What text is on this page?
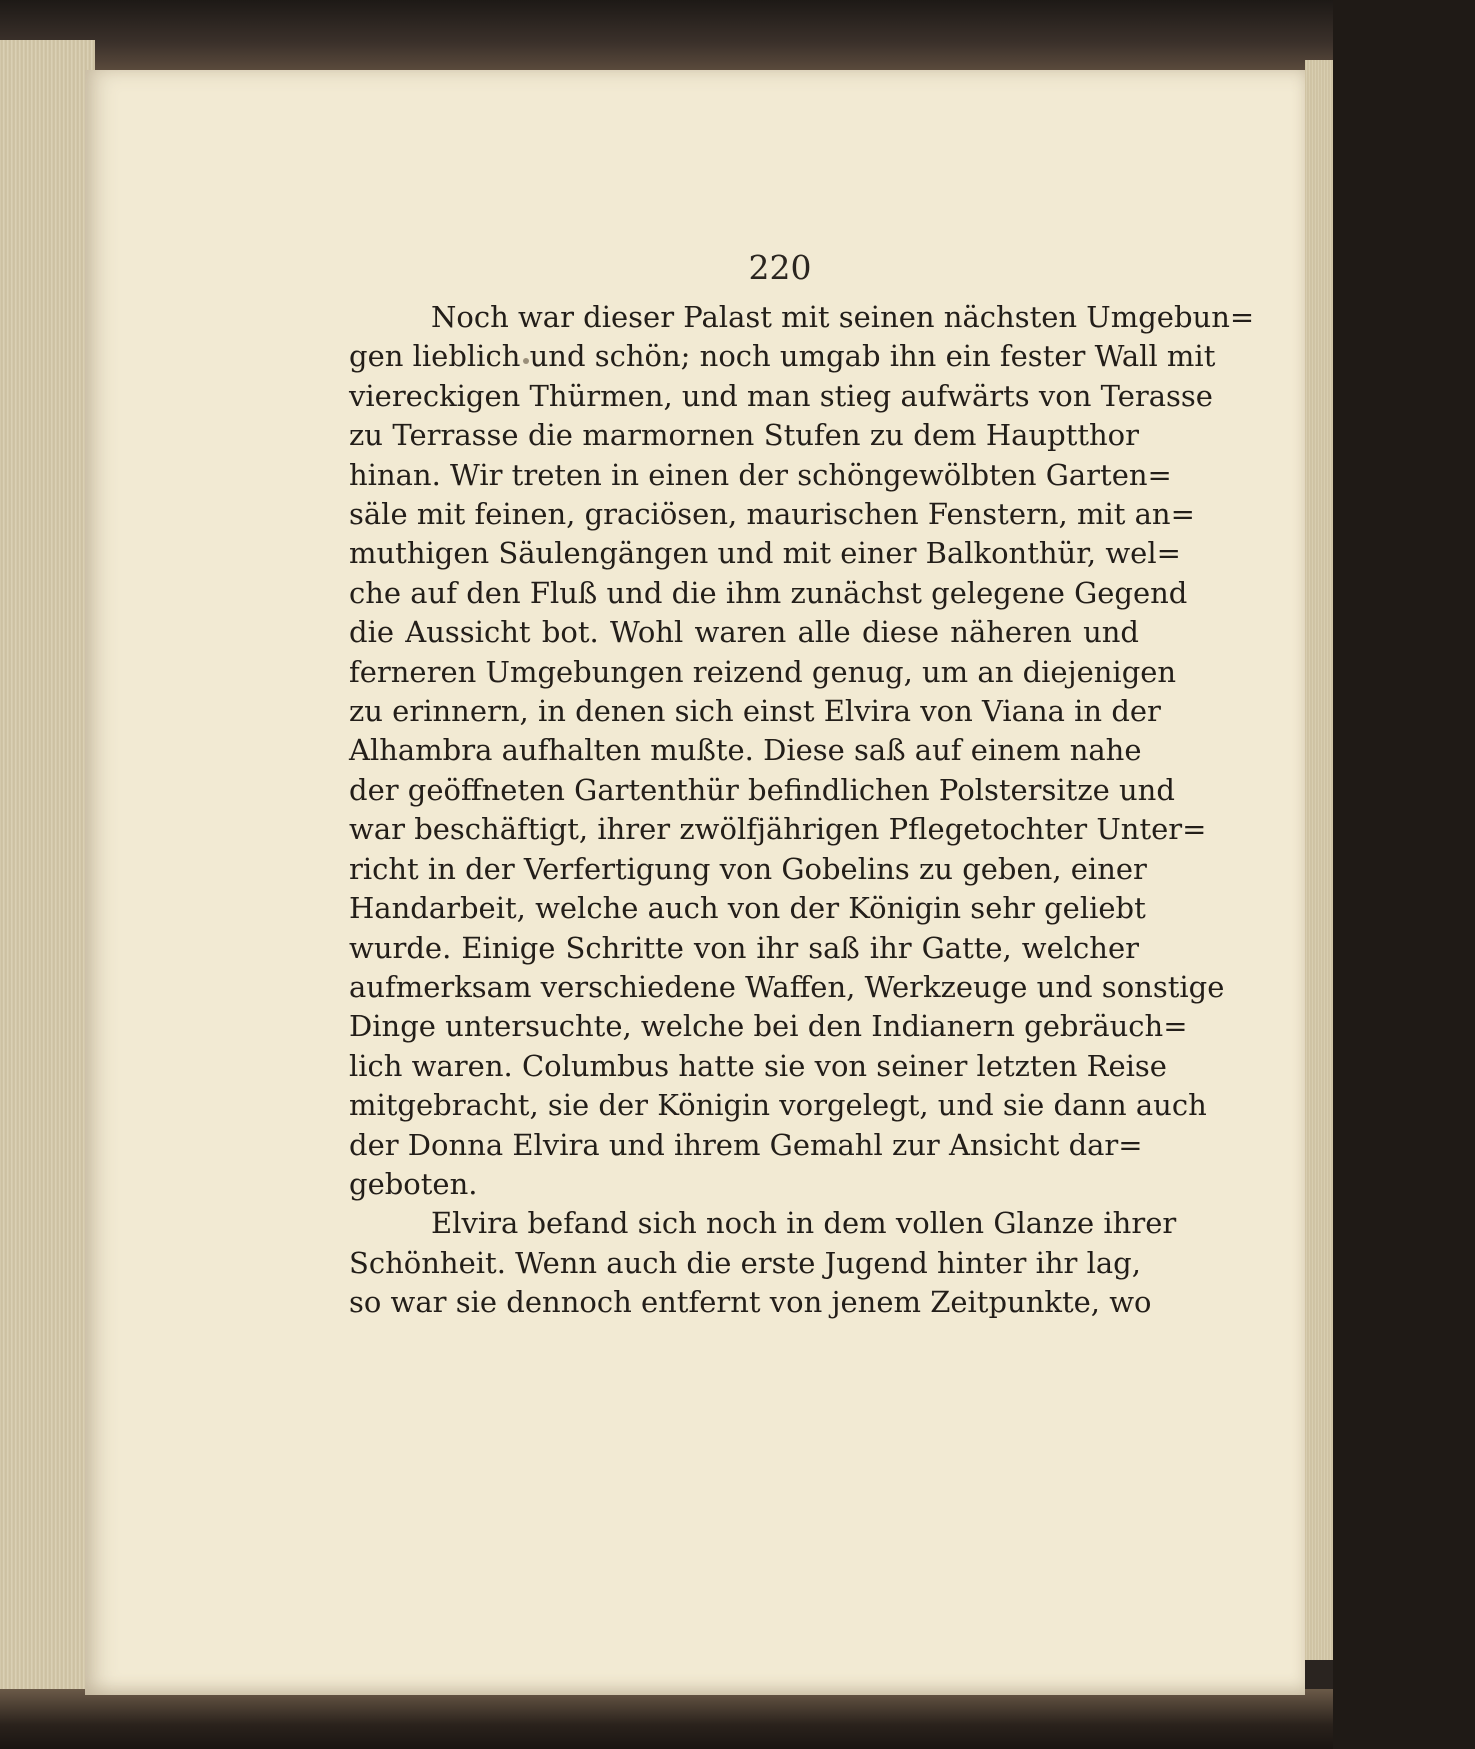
220
Noch war dieser Palast mit seinen nächsten Umgebun=
gen lieblich und schön; noch umgab ihn ein fester Wall mit
viereckigen Thürmen, und man stieg aufwärts von Terasse
zu Terrasse die marmornen Stufen zu dem Hauptthor
hinan. Wir treten in einen der schöngewölbten Garten=
säle mit feinen, graciösen, maurischen Fenstern, mit an=
muthigen Säulengängen und mit einer Balkonthür, wel=
che auf den Fluß und die ihm zunächst gelegene Gegend
die Aussicht bot. Wohl waren alle diese näheren und
ferneren Umgebungen reizend genug, um an diejenigen
zu erinnern, in denen sich einst Elvira von Viana in der
Alhambra aufhalten mußte. Diese saß auf einem nahe
der geöffneten Gartenthür befindlichen Polstersitze und
war beschäftigt, ihrer zwölfjährigen Pflegetochter Unter=
richt in der Verfertigung von Gobelins zu geben, einer
Handarbeit, welche auch von der Königin sehr geliebt
wurde. Einige Schritte von ihr saß ihr Gatte, welcher
aufmerksam verschiedene Waffen, Werkzeuge und sonstige
Dinge untersuchte, welche bei den Indianern gebräuch=
lich waren. Columbus hatte sie von seiner letzten Reise
mitgebracht, sie der Königin vorgelegt, und sie dann auch
der Donna Elvira und ihrem Gemahl zur Ansicht dar=
geboten.
Elvira befand sich noch in dem vollen Glanze ihrer
Schönheit. Wenn auch die erste Jugend hinter ihr lag,
so war sie dennoch entfernt von jenem Zeitpunkte, wo
